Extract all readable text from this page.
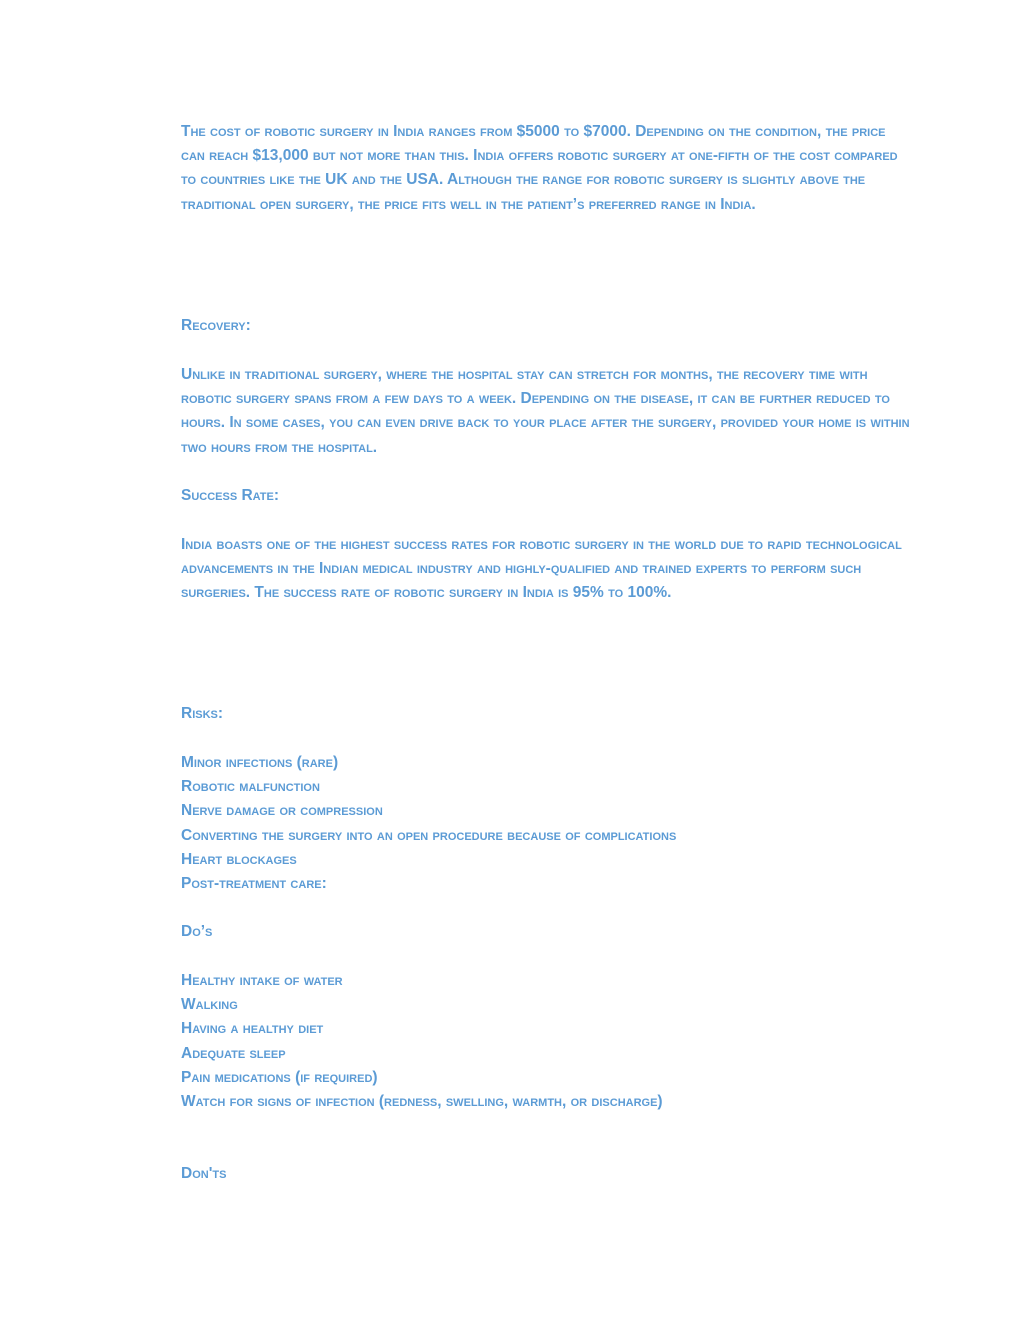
The cost of robotic surgery in India ranges from $5000 to $7000. Depending on the condition, the price can reach $13,000 but not more than this. India offers robotic surgery at one-fifth of the cost compared to countries like the UK and the USA. Although the range for robotic surgery is slightly above the traditional open surgery, the price fits well in the patient’s preferred range in India.

Recovery:

Unlike in traditional surgery, where the hospital stay can stretch for months, the recovery time with robotic surgery spans from a few days to a week. Depending on the disease, it can be further reduced to hours. In some cases, you can even drive back to your place after the surgery, provided your home is within two hours from the hospital.

Success Rate:

India boasts one of the highest success rates for robotic surgery in the world due to rapid technological advancements in the Indian medical industry and highly-qualified and trained experts to perform such surgeries. The success rate of robotic surgery in India is 95% to 100%.

Risks:

Minor infections (rare)
Robotic malfunction
Nerve damage or compression
Converting the surgery into an open procedure because of complications
Heart blockages
Post-treatment care:

Do’s

Healthy intake of water
Walking
Having a healthy diet
Adequate sleep
Pain medications (if required)
Watch for signs of infection (redness, swelling, warmth, or discharge)

Don'ts
